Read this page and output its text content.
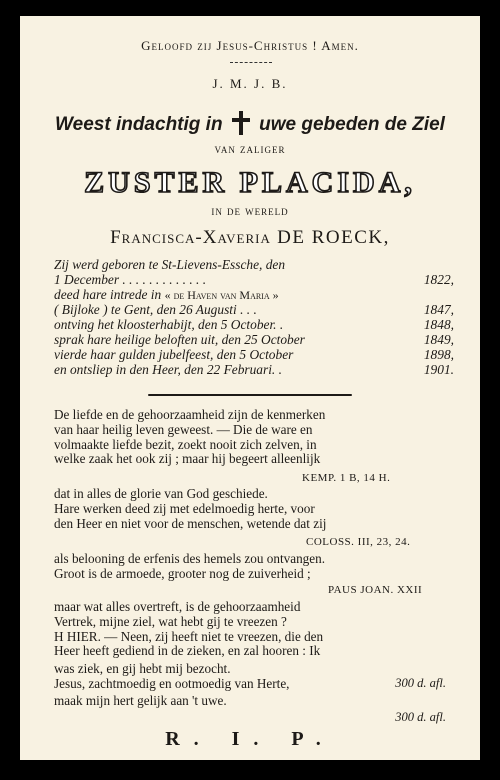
Geloofd zij Jesus-Christus ! Amen.
J. M. J. B.
Weest indachtig in uwe gebeden de Ziel
van zaliger
ZUSTER PLACIDA,
in de wereld
Francisca-Xaveria DE ROECK,
Zij werd geboren te St-Lievens-Essche, den
1 December . . . . . . . . . . . . .	1822,
deed hare intrede in « de Haven van Maria »
( Bijloke ) te Gent, den 26 Augusti . . .	1847,
ontving het kloosterhabijt, den 5 October. .	1848,
sprak hare heilige beloften uit, den 25 October	1849,
vierde haar gulden jubelfeest, den 5 October	1898,
en ontsliep in den Heer, den 22 Februari. .	1901.
De liefde en de gehoorzaamheid zijn de kenmerken
van haar heilig leven geweest. — Die de ware en
volmaakte liefde bezit, zoekt nooit zich zelven, in
welke zaak het ook zij ; maar hij begeert alleenlijk
KEMP. 1 B, 14 H.
dat in alles de glorie van God geschiede.
Hare werken deed zij met edelmoedig herte, voor
den Heer en niet voor de menschen, wetende dat zij
COLOSS. III, 23, 24.
als belooning de erfenis des hemels zou ontvangen.
Groot is de armoede, grooter nog de zuiverheid ;
PAUS JOAN. XXII
maar wat alles overtreft, is de gehoorzaamheid
Vertrek, mijne ziel, wat hebt gij te vreezen ?
H HIER. — Neen, zij heeft niet te vreezen, die den
Heer heeft gediend in de zieken, en zal hooren : Ik
was ziek, en gij hebt mij bezocht.
Jesus, zachtmoedig en ootmoedig van Herte,	300 d. afl.
maak mijn hert gelijk aan 't uwe.
300 d. afl.
R. I. P.
